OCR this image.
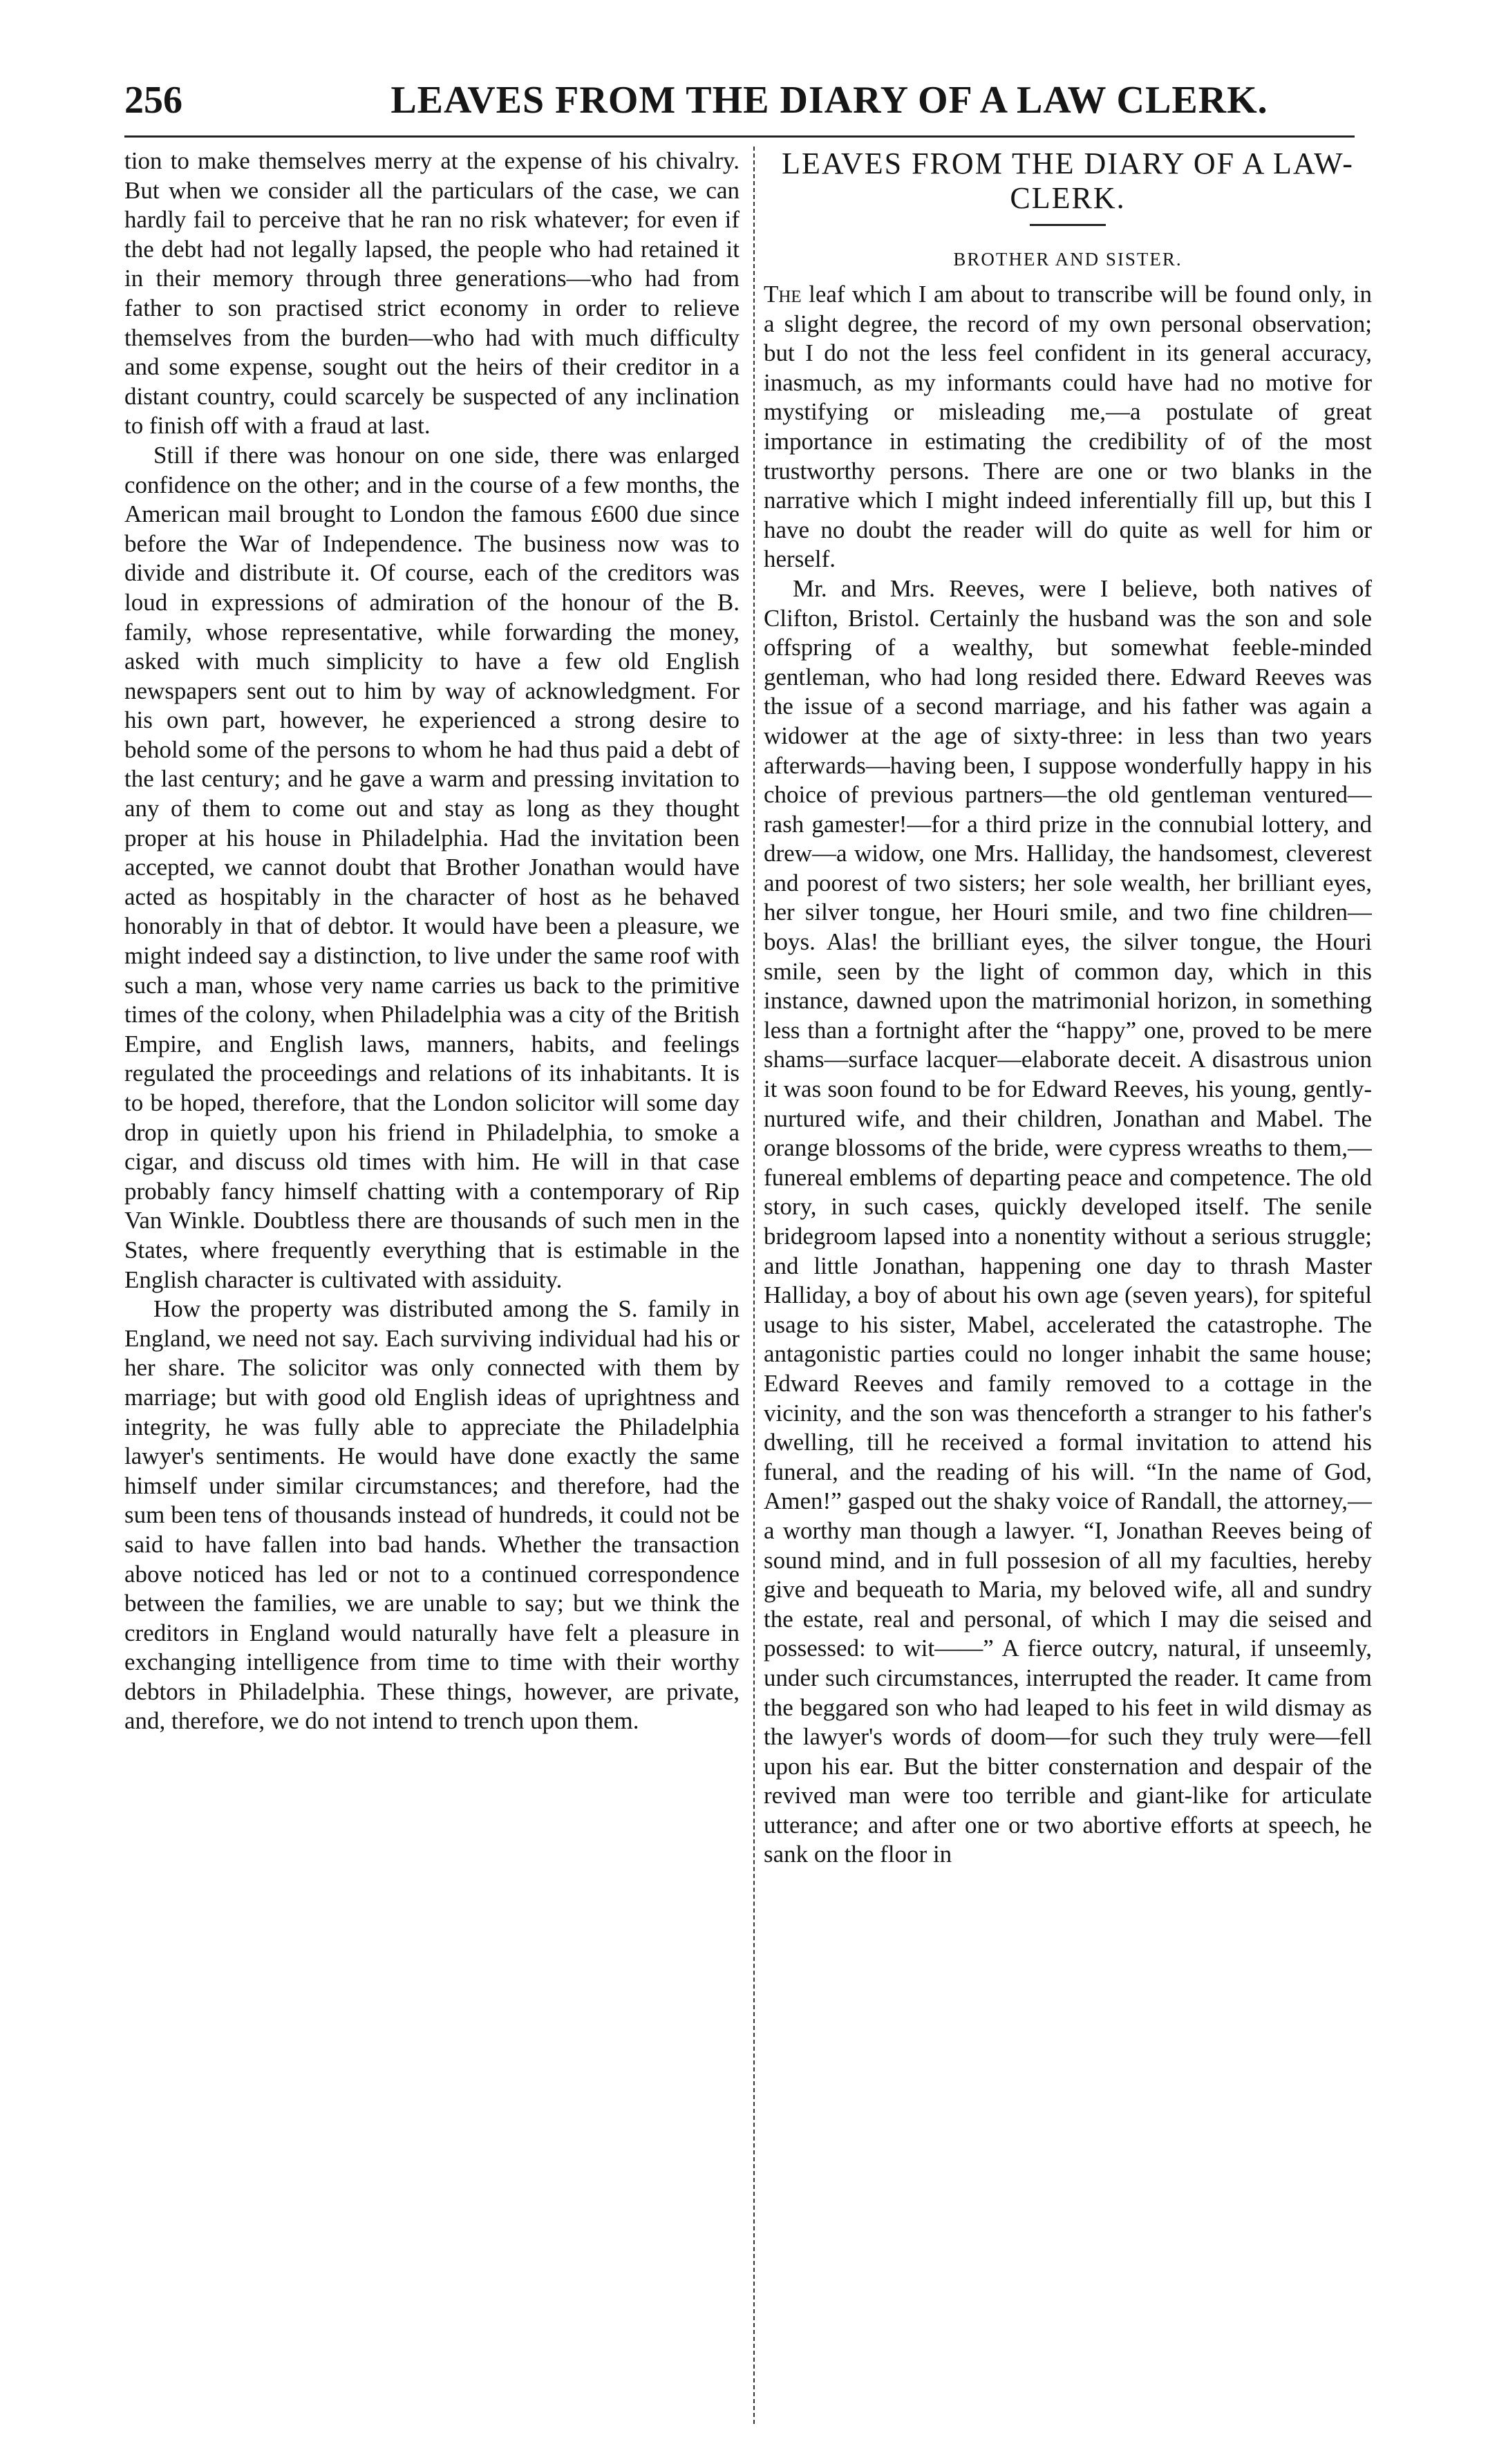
256	LEAVES FROM THE DIARY OF A LAW CLERK.

tion to make themselves merry at the expense of his chivalry. But when we consider all the particulars of the case, we can hardly fail to perceive that he ran no risk whatever; for even if the debt had not legally lapsed, the people who had retained it in their memory through three generations—who had from father to son practised strict economy in order to relieve themselves from the burden—who had with much difficulty and some expense, sought out the heirs of their creditor in a distant country, could scarcely be suspected of any inclination to finish off with a fraud at last.

Still if there was honour on one side, there was enlarged confidence on the other; and in the course of a few months, the American mail brought to London the famous £600 due since before the War of Independence. The business now was to divide and distribute it. Of course, each of the creditors was loud in expressions of admiration of the honour of the B. family, whose representative, while forwarding the money, asked with much simplicity to have a few old English newspapers sent out to him by way of acknowledgment. For his own part, however, he experienced a strong desire to behold some of the persons to whom he had thus paid a debt of the last century; and he gave a warm and pressing invitation to any of them to come out and stay as long as they thought proper at his house in Philadelphia. Had the invitation been accepted, we cannot doubt that Brother Jonathan would have acted as hospitably in the character of host as he behaved honorably in that of debtor. It would have been a pleasure, we might indeed say a distinction, to live under the same roof with such a man, whose very name carries us back to the primitive times of the colony, when Philadelphia was a city of the British Empire, and English laws, manners, habits, and feelings regulated the proceedings and relations of its inhabitants. It is to be hoped, therefore, that the London solicitor will some day drop in quietly upon his friend in Philadelphia, to smoke a cigar, and discuss old times with him. He will in that case probably fancy himself chatting with a contemporary of Rip Van Winkle. Doubtless there are thousands of such men in the States, where frequently everything that is estimable in the English character is cultivated with assiduity.

How the property was distributed among the S. family in England, we need not say. Each surviving individual had his or her share. The solicitor was only connected with them by marriage; but with good old English ideas of uprightness and integrity, he was fully able to appreciate the Philadelphia lawyer's sentiments. He would have done exactly the same himself under similar circumstances; and therefore, had the sum been tens of thousands instead of hundreds, it could not be said to have fallen into bad hands. Whether the transaction above noticed has led or not to a continued correspondence between the families, we are unable to say; but we think the creditors in England would naturally have felt a pleasure in exchanging intelligence from time to time with their worthy debtors in Philadelphia. These things, however, are private, and, therefore, we do not intend to trench upon them.

LEAVES FROM THE DIARY OF A LAW-CLERK.
BROTHER AND SISTER.

The leaf which I am about to transcribe will be found only, in a slight degree, the record of my own personal observation; but I do not the less feel confident in its general accuracy, inasmuch, as my informants could have had no motive for mystifying or misleading me,—a postulate of great importance in estimating the credibility of of the most trustworthy persons. There are one or two blanks in the narrative which I might indeed inferentially fill up, but this I have no doubt the reader will do quite as well for him or herself.

Mr. and Mrs. Reeves, were I believe, both natives of Clifton, Bristol. Certainly the husband was the son and sole offspring of a wealthy, but somewhat feeble-minded gentleman, who had long resided there. Edward Reeves was the issue of a second marriage, and his father was again a widower at the age of sixty-three: in less than two years afterwards—having been, I suppose wonderfully happy in his choice of previous partners—the old gentleman ventured—rash gamester!—for a third prize in the connubial lottery, and drew—a widow, one Mrs. Halliday, the handsomest, cleverest and poorest of two sisters; her sole wealth, her brilliant eyes, her silver tongue, her Houri smile, and two fine children—boys. Alas! the brilliant eyes, the silver tongue, the Houri smile, seen by the light of common day, which in this instance, dawned upon the matrimonial horizon, in something less than a fortnight after the “happy” one, proved to be mere shams—surface lacquer—elaborate deceit. A disastrous union it was soon found to be for Edward Reeves, his young, gently-nurtured wife, and their children, Jonathan and Mabel. The orange blossoms of the bride, were cypress wreaths to them,—funereal emblems of departing peace and competence. The old story, in such cases, quickly developed itself. The senile bridegroom lapsed into a nonentity without a serious struggle; and little Jonathan, happening one day to thrash Master Halliday, a boy of about his own age (seven years), for spiteful usage to his sister, Mabel, accelerated the catastrophe. The antagonistic parties could no longer inhabit the same house; Edward Reeves and family removed to a cottage in the vicinity, and the son was thenceforth a stranger to his father's dwelling, till he received a formal invitation to attend his funeral, and the reading of his will. “In the name of God, Amen!” gasped out the shaky voice of Randall, the attorney,—a worthy man though a lawyer. “I, Jonathan Reeves being of sound mind, and in full possesion of all my faculties, hereby give and bequeath to Maria, my beloved wife, all and sundry the estate, real and personal, of which I may die seised and possessed: to wit——” A fierce outcry, natural, if unseemly, under such circumstances, interrupted the reader. It came from the beggared son who had leaped to his feet in wild dismay as the lawyer's words of doom—for such they truly were—fell upon his ear. But the bitter consternation and despair of the revived man were too terrible and giant-like for articulate utterance; and after one or two abortive efforts at speech, he sank on the floor in
